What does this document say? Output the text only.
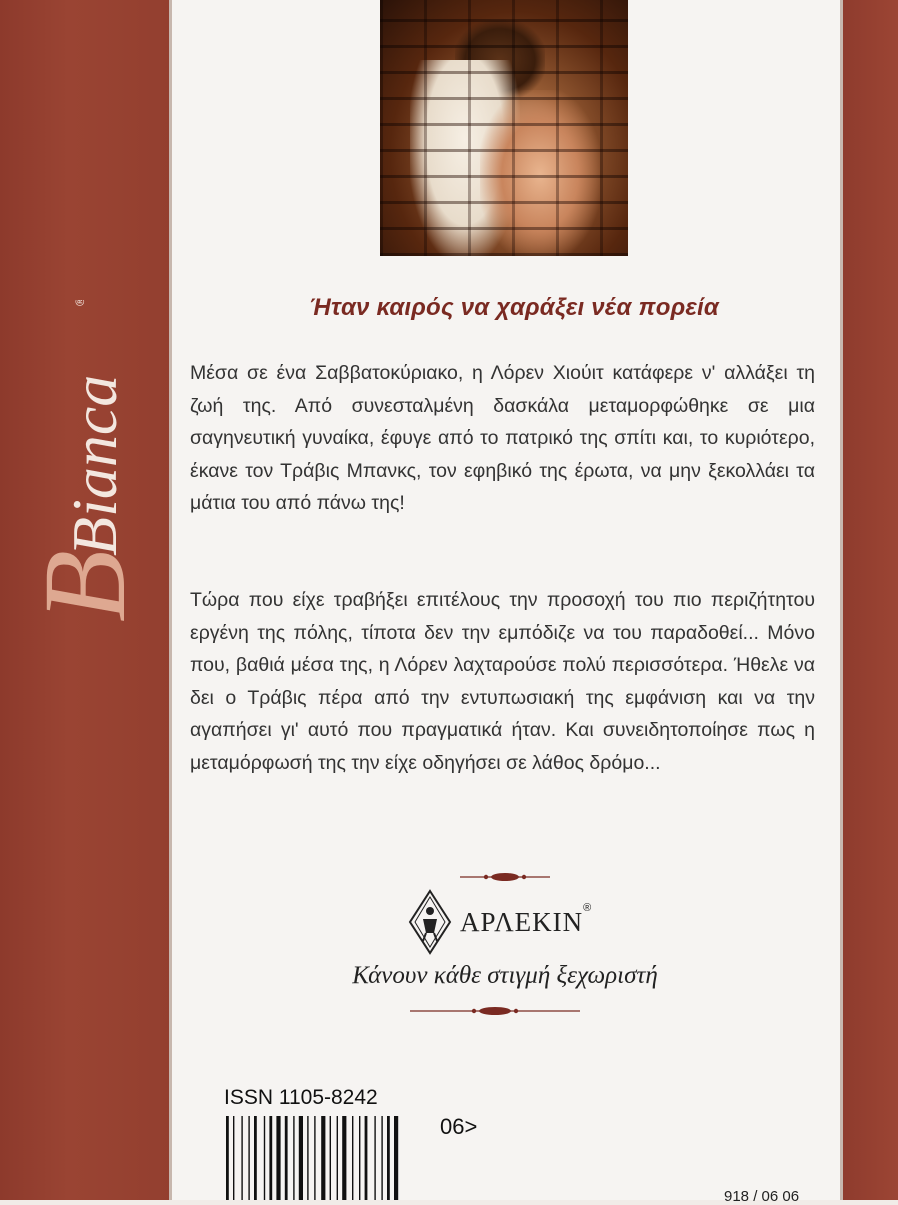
B
Bianca
®	Ήταν καιρός να χαράξει νέα πορεία

Μέσα σε ένα Σαββατοκύριακο, η Λόρεν Χιούιτ κατάφερε ν' αλλάξει τη ζωή της. Από συνεσταλμένη δασκάλα μεταμορφώθηκε σε μια σαγηνευτική γυναίκα, έφυγε από το πατρικό της σπίτι και, το κυριότερο, έκανε τον Τράβις Μπανκς, τον εφηβικό της έρωτα, να μην ξεκολλάει τα μάτια του από πάνω της!

Τώρα που είχε τραβήξει επιτέλους την προσοχή του πιο περιζήτητου εργένη της πόλης, τίποτα δεν την εμπόδιζε να του παραδοθεί... Μόνο που, βαθιά μέσα της, η Λόρεν λαχταρούσε πολύ περισσότερα. Ήθελε να δει ο Τράβις πέρα από την εντυπωσιακή της εμφάνιση και να την αγαπήσει γι' αυτό που πραγματικά ήταν. Και συνειδητοποίησε πως η μεταμόρφωσή της την είχε οδηγήσει σε λάθος δρόμο...

ΑΡΛΕΚΙΝ ®
Κάνουν κάθε στιγμή ξεχωριστή
ISSN 1105-8242
06>
918 / 06 06
